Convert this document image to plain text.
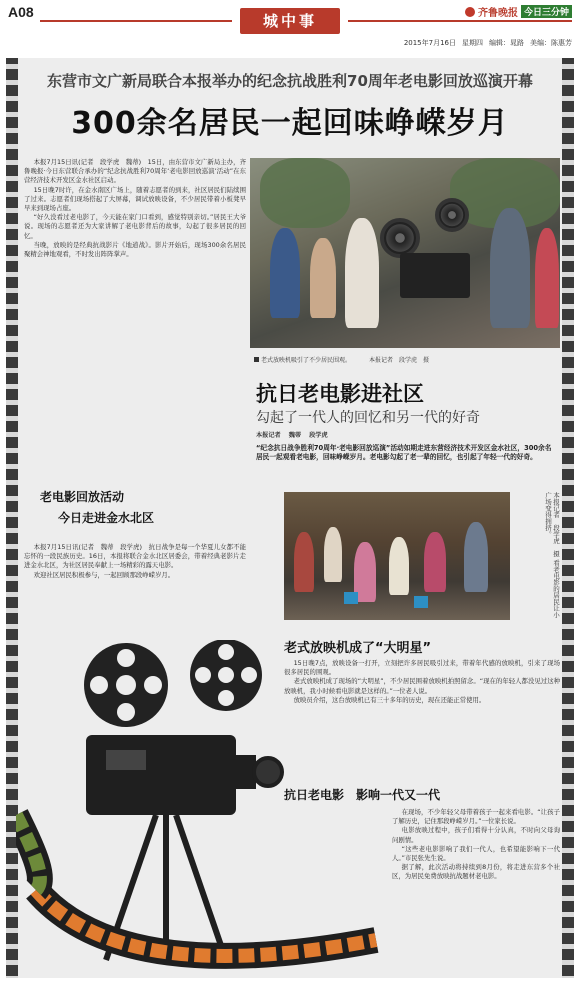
A08	城中事	齐鲁晚报 今日三分钟
2015年7月16日 星期四 编辑：晁路 美编：陈惠芳
东营市文广新局联合本报举办的纪念抗战胜利70周年老电影回放巡演开幕
300余名居民一起回味峥嵘岁月

本报7月15日讯(记者　段学虎　魏蒂)　15日，由东营市文广新局主办，齐鲁晚报·今日东营联合承办的“纪念抗战胜利70周年‘老电影回放巡演’活动”在东营经济技术开发区金水社区启动。

15日晚7时许，在金水南区广场上，随着志愿者的到来，社区居民们陆续围了过来。志愿者们现场搭起了大屏幕，调试放映设备，不少居民带着小板凳早早来到现场占座。

“好久没看过老电影了，今天能在家门口看到，感觉特别亲切。”居民王大爷说。现场的志愿者还为大家讲解了老电影背后的故事，勾起了很多居民的回忆。

当晚，放映的是经典抗战影片《地道战》。影片开始后，现场300余名居民聚精会神地观看，不时发出阵阵掌声。

老电影回放活动
今日走进金水北区

本报7月15日讯(记者　魏蒂　段学虎)　抗日战争是每一个华夏儿女都不能忘怀的一段民族历史。16日，本报将联合金水北区居委会，带着经典老影片走进金水北区，为社区居民奉献上一场精彩的露天电影。

欢迎社区居民积极参与，一起回顾那段峥嵘岁月。

老式放映机吸引了不少居民围观。	本报记者　段学虎　摄
抗日老电影进社区
勾起了一代人的回忆和另一代的好奇
本报记者 魏蒂 段学虎
“纪念抗日战争胜利70周年·老电影回放巡演”活动如期走进东营经济技术开发区金水社区，300余名居民一起观看老电影，回味峥嵘岁月。老电影勾起了老一辈的回忆，也引起了年轻一代的好奇。
本报记者　段学虎　摄 看老电影的居民让小广场变得拥挤。
老式放映机成了“大明星”

15日晚7点，放映设备一打开，立刻把许多居民吸引过来，带着年代感的放映机，引来了现场很多居民的围观。

老式放映机成了现场的“大明星”，不少居民围着放映机拍照留念。“现在的年轻人都没见过这种放映机，我小时候看电影就是这样的。”一位老人说。

放映员介绍，这台放映机已有三十多年的历史，现在还能正常使用。

抗日老电影　影响一代又一代

在现场，不少年轻父母带着孩子一起来看电影。“让孩子了解历史，记住那段峥嵘岁月。”一位家长说。

电影放映过程中，孩子们看得十分认真，不时向父母询问剧情。

“这些老电影影响了我们一代人，也希望能影响下一代人。”市民张先生说。

据了解，此次活动将持续到8月份，将走进东营多个社区，为居民免费放映抗战题材老电影。
